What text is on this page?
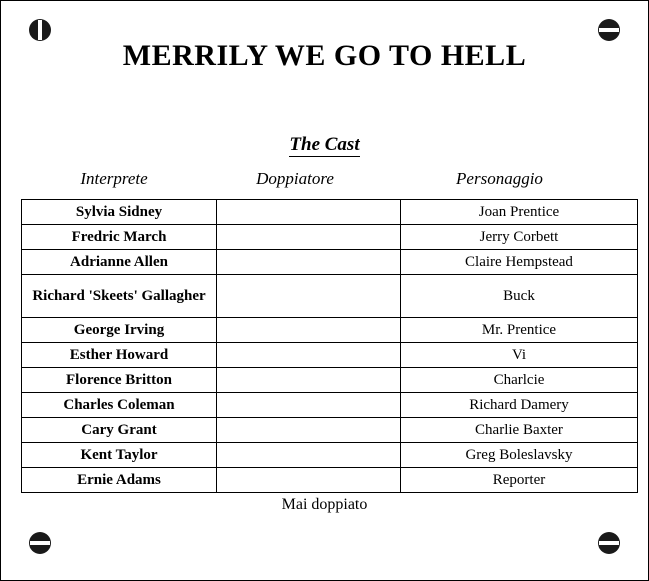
MERRILY WE GO TO HELL
The Cast
Interprete	Doppiatore	Personaggio
Sylvia Sidney		Joan Prentice
Fredric March		Jerry Corbett
Adrianne Allen		Claire Hempstead
Richard 'Skeets' Gallagher		Buck
George Irving		Mr. Prentice
Esther Howard		Vi
Florence Britton		Charlcie
Charles Coleman		Richard Damery
Cary Grant		Charlie Baxter
Kent Taylor		Greg Boleslavsky
Ernie Adams		Reporter
Mai doppiato
